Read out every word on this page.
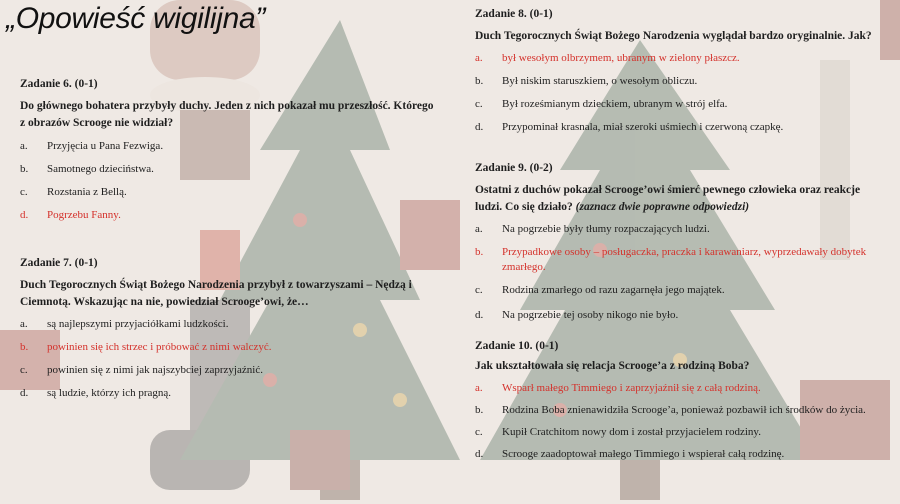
„Opowieść wigilijna”

Zadanie 6. (0-1)

Do głównego bohatera przybyły duchy. Jeden z nich pokazał mu przeszłość. Którego z obrazów Scrooge nie widział?

a. Przyjęcia u Pana Fezwiga.
b. Samotnego dzieciństwa.
c. Rozstania z Bellą.
d. Pogrzebu Fanny.

Zadanie 7. (0-1)

Duch Tegorocznych Świąt Bożego Narodzenia przybył z towarzyszami – Nędzą i Ciemnotą. Wskazując na nie, powiedział Scrooge’owi, że…

a. są najlepszymi przyjaciółkami ludzkości.
b. powinien się ich strzec i próbować z nimi walczyć.
c. powinien się z nimi jak najszybciej zaprzyjaźnić.
d. są ludzie, którzy ich pragną.

Zadanie 8. (0-1)

Duch Tegorocznych Świąt Bożego Narodzenia wyglądał bardzo oryginalnie. Jak?

a. był wesołym olbrzymem, ubranym w zielony płaszcz.
b. Był niskim staruszkiem, o wesołym obliczu.
c. Był roześmianym dzieckiem, ubranym w strój elfa.
d. Przypominał krasnala, miał szeroki uśmiech i czerwoną czapkę.

Zadanie 9. (0-2)

Ostatni z duchów pokazał Scrooge’owi śmierć pewnego człowieka oraz reakcje ludzi. Co się działo? (zaznacz dwie poprawne odpowiedzi)

a. Na pogrzebie były tłumy rozpaczających ludzi.
b. Przypadkowe osoby – posługaczka, praczka i karawaniarz, wyprzedawały dobytek zmarłego.
c. Rodzina zmarłego od razu zagarnęła jego majątek.
d. Na pogrzebie tej osoby nikogo nie było.

Zadanie 10. (0-1)

Jak ukształtowała się relacja Scrooge’a z rodziną Boba?

a. Wsparł małego Timmiego i zaprzyjaźnił się z całą rodziną.
b. Rodzina Boba znienawidziła Scrooge’a, ponieważ pozbawił ich środków do życia.
c. Kupił Cratchitom nowy dom i został przyjacielem rodziny.
d. Scrooge zaadoptował małego Timmiego i wspierał całą rodzinę.
